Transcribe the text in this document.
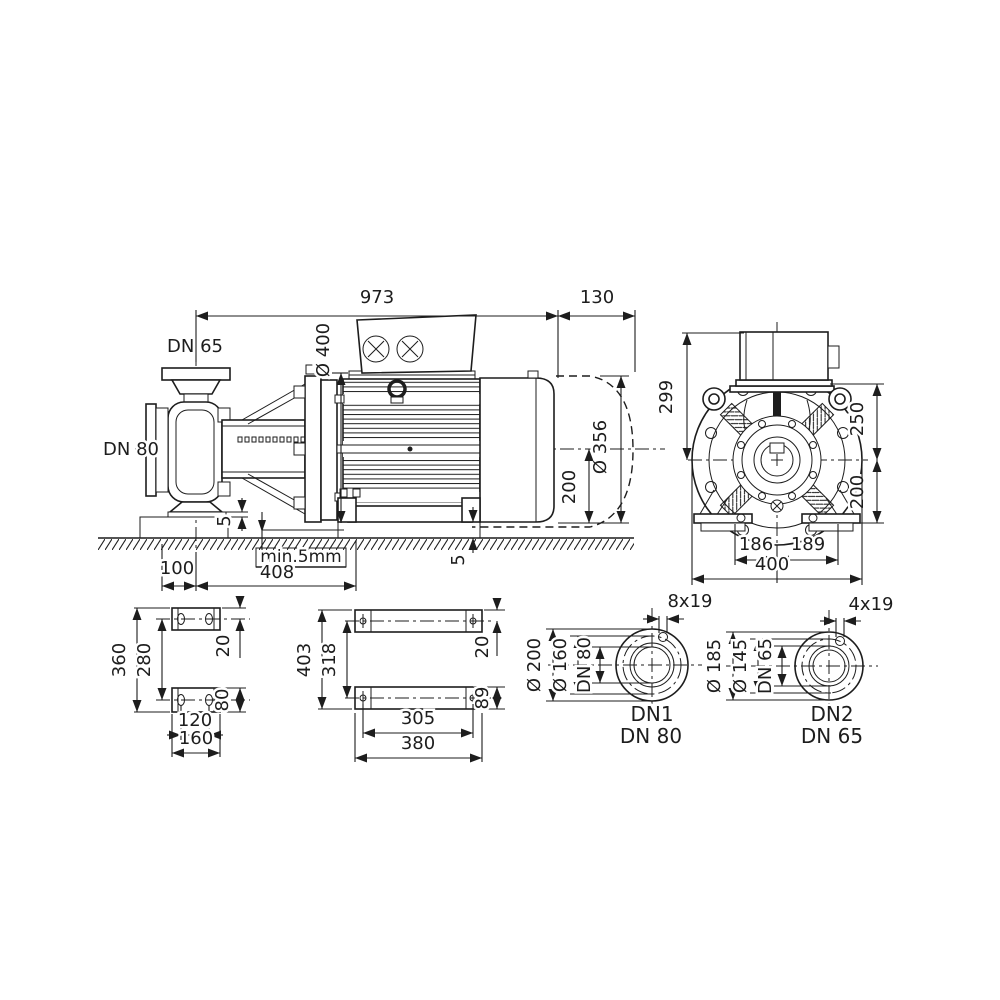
973	130
DN 65
DN 80
Ø 400
Ø 356
200
5
min.5mm
100	408
5
299
250
200
186 189
400
360 280	20
80
120
160
403 318	20
89
305
380
8x19
Ø 200 Ø 160 DN 80
DN1
DN 80
4x19
Ø 185 Ø 145 DN 65
DN2
DN 65
